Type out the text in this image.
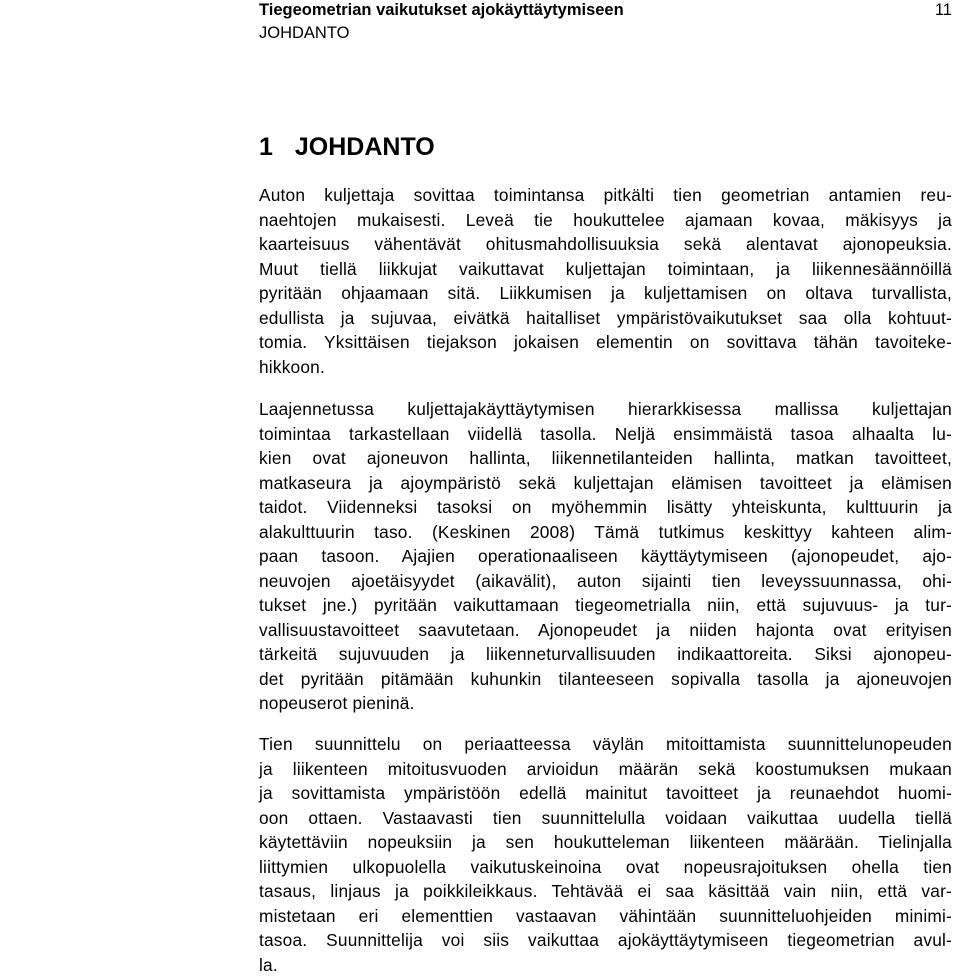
Tiegeometrian vaikutukset ajokäyttäytymiseen	11
JOHDANTO
1 JOHDANTO
Auton kuljettaja sovittaa toimintansa pitkälti tien geometrian antamien reu-
naehtojen mukaisesti. Leveä tie houkuttelee ajamaan kovaa, mäkisyys ja
kaarteisuus vähentävät ohitusmahdollisuuksia sekä alentavat ajonopeuksia.
Muut tiellä liikkujat vaikuttavat kuljettajan toimintaan, ja liikennesäännöillä
pyritään ohjaamaan sitä. Liikkumisen ja kuljettamisen on oltava turvallista,
edullista ja sujuvaa, eivätkä haitalliset ympäristövaikutukset saa olla kohtuut-
tomia. Yksittäisen tiejakson jokaisen elementin on sovittava tähän tavoiteke-
hikkoon.
Laajennetussa kuljettajakäyttäytymisen hierarkkisessa mallissa kuljettajan
toimintaa tarkastellaan viidellä tasolla. Neljä ensimmäistä tasoa alhaalta lu-
kien ovat ajoneuvon hallinta, liikennetilanteiden hallinta, matkan tavoitteet,
matkaseura ja ajoympäristö sekä kuljettajan elämisen tavoitteet ja elämisen
taidot. Viidenneksi tasoksi on myöhemmin lisätty yhteiskunta, kulttuurin ja
alakulttuurin taso. (Keskinen 2008) Tämä tutkimus keskittyy kahteen alim-
paan tasoon. Ajajien operationaaliseen käyttäytymiseen (ajonopeudet, ajo-
neuvojen ajoetäisyydet (aikavälit), auton sijainti tien leveyssuunnassa, ohi-
tukset jne.) pyritään vaikuttamaan tiegeometrialla niin, että sujuvuus- ja tur-
vallisuustavoitteet saavutetaan. Ajonopeudet ja niiden hajonta ovat erityisen
tärkeitä sujuvuuden ja liikenneturvallisuuden indikaattoreita. Siksi ajonopeu-
det pyritään pitämään kuhunkin tilanteeseen sopivalla tasolla ja ajoneuvojen
nopeuserot pieninä.
Tien suunnittelu on periaatteessa väylän mitoittamista suunnittelunopeuden
ja liikenteen mitoitusvuoden arvioidun määrän sekä koostumuksen mukaan
ja sovittamista ympäristöön edellä mainitut tavoitteet ja reunaehdot huomi-
oon ottaen. Vastaavasti tien suunnittelulla voidaan vaikuttaa uudella tiellä
käytettäviin nopeuksiin ja sen houkutteleman liikenteen määrään. Tielinjalla
liittymien ulkopuolella vaikutuskeinoina ovat nopeusrajoituksen ohella tien
tasaus, linjaus ja poikkileikkaus. Tehtävää ei saa käsittää vain niin, että var-
mistetaan eri elementtien vastaavan vähintään suunnitteluohjeiden minimi-
tasoa. Suunnittelija voi siis vaikuttaa ajokäyttäytymiseen tiegeometrian avul-
la.
